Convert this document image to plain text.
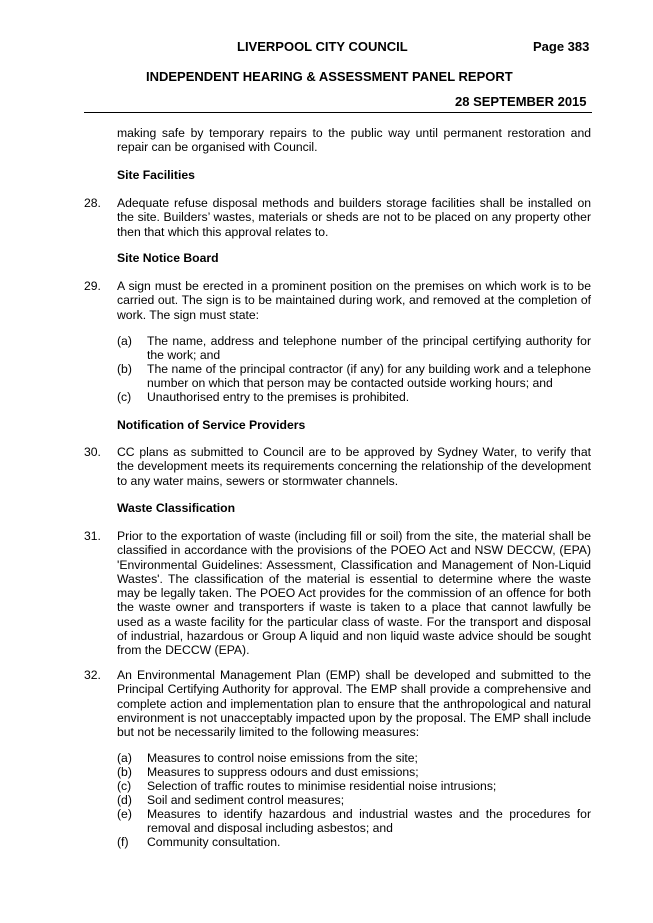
LIVERPOOL CITY COUNCIL	Page 383
INDEPENDENT HEARING & ASSESSMENT PANEL REPORT
28 SEPTEMBER 2015

making safe by temporary repairs to the public way until permanent restoration and repair can be organised with Council.

Site Facilities
28. Adequate refuse disposal methods and builders storage facilities shall be installed on the site. Builders’ wastes, materials or sheds are not to be placed on any property other then that which this approval relates to.

Site Notice Board
29. A sign must be erected in a prominent position on the premises on which work is to be carried out. The sign is to be maintained during work, and removed at the completion of work. The sign must state:

(a) The name, address and telephone number of the principal certifying authority for the work; and

(b) The name of the principal contractor (if any) for any building work and a telephone number on which that person may be contacted outside working hours; and

(c) Unauthorised entry to the premises is prohibited.

Notification of Service Providers
30. CC plans as submitted to Council are to be approved by Sydney Water, to verify that the development meets its requirements concerning the relationship of the development to any water mains, sewers or stormwater channels.

Waste Classification
31. Prior to the exportation of waste (including fill or soil) from the site, the material shall be classified in accordance with the provisions of the POEO Act and NSW DECCW, (EPA) 'Environmental Guidelines: Assessment, Classification and Management of Non-Liquid Wastes'. The classification of the material is essential to determine where the waste may be legally taken. The POEO Act provides for the commission of an offence for both the waste owner and transporters if waste is taken to a place that cannot lawfully be used as a waste facility for the particular class of waste. For the transport and disposal of industrial, hazardous or Group A liquid and non liquid waste advice should be sought from the DECCW (EPA).

32. An Environmental Management Plan (EMP) shall be developed and submitted to the Principal Certifying Authority for approval. The EMP shall provide a comprehensive and complete action and implementation plan to ensure that the anthropological and natural environment is not unacceptably impacted upon by the proposal. The EMP shall include but not be necessarily limited to the following measures:

(a) Measures to control noise emissions from the site;

(b) Measures to suppress odours and dust emissions;

(c) Selection of traffic routes to minimise residential noise intrusions;

(d) Soil and sediment control measures;

(e) Measures to identify hazardous and industrial wastes and the procedures for removal and disposal including asbestos; and

(f) Community consultation.
